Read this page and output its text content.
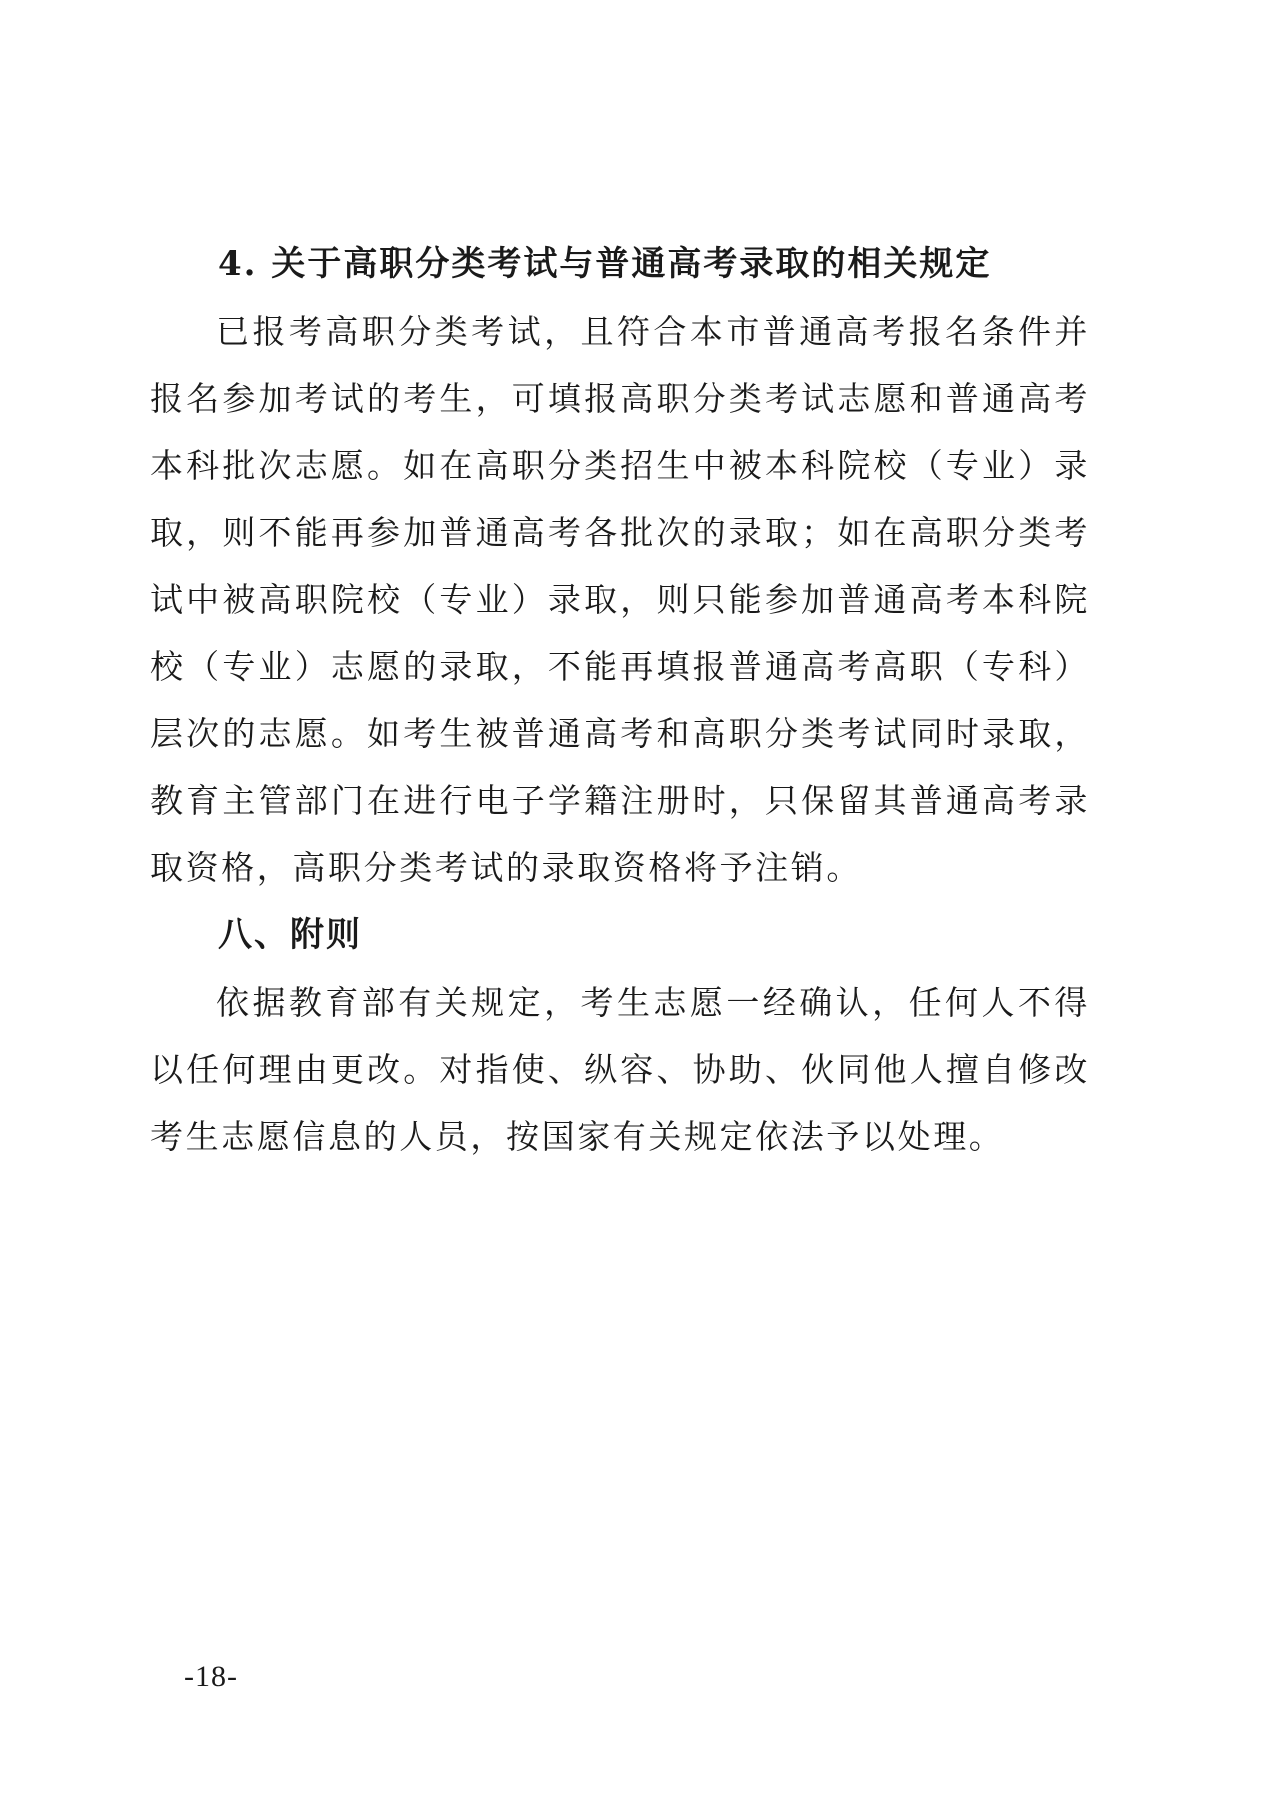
4. 关于高职分类考试与普通高考录取的相关规定

已报考高职分类考试，且符合本市普通高考报名条件并报名参加考试的考生，可填报高职分类考试志愿和普通高考本科批次志愿。如在高职分类招生中被本科院校（专业）录取，则不能再参加普通高考各批次的录取；如在高职分类考试中被高职院校（专业）录取，则只能参加普通高考本科院校（专业）志愿的录取，不能再填报普通高考高职（专科）层次的志愿。如考生被普通高考和高职分类考试同时录取，教育主管部门在进行电子学籍注册时，只保留其普通高考录取资格，高职分类考试的录取资格将予注销。

八、附则

依据教育部有关规定，考生志愿一经确认，任何人不得以任何理由更改。对指使、纵容、协助、伙同他人擅自修改考生志愿信息的人员，按国家有关规定依法予以处理。

-18-
